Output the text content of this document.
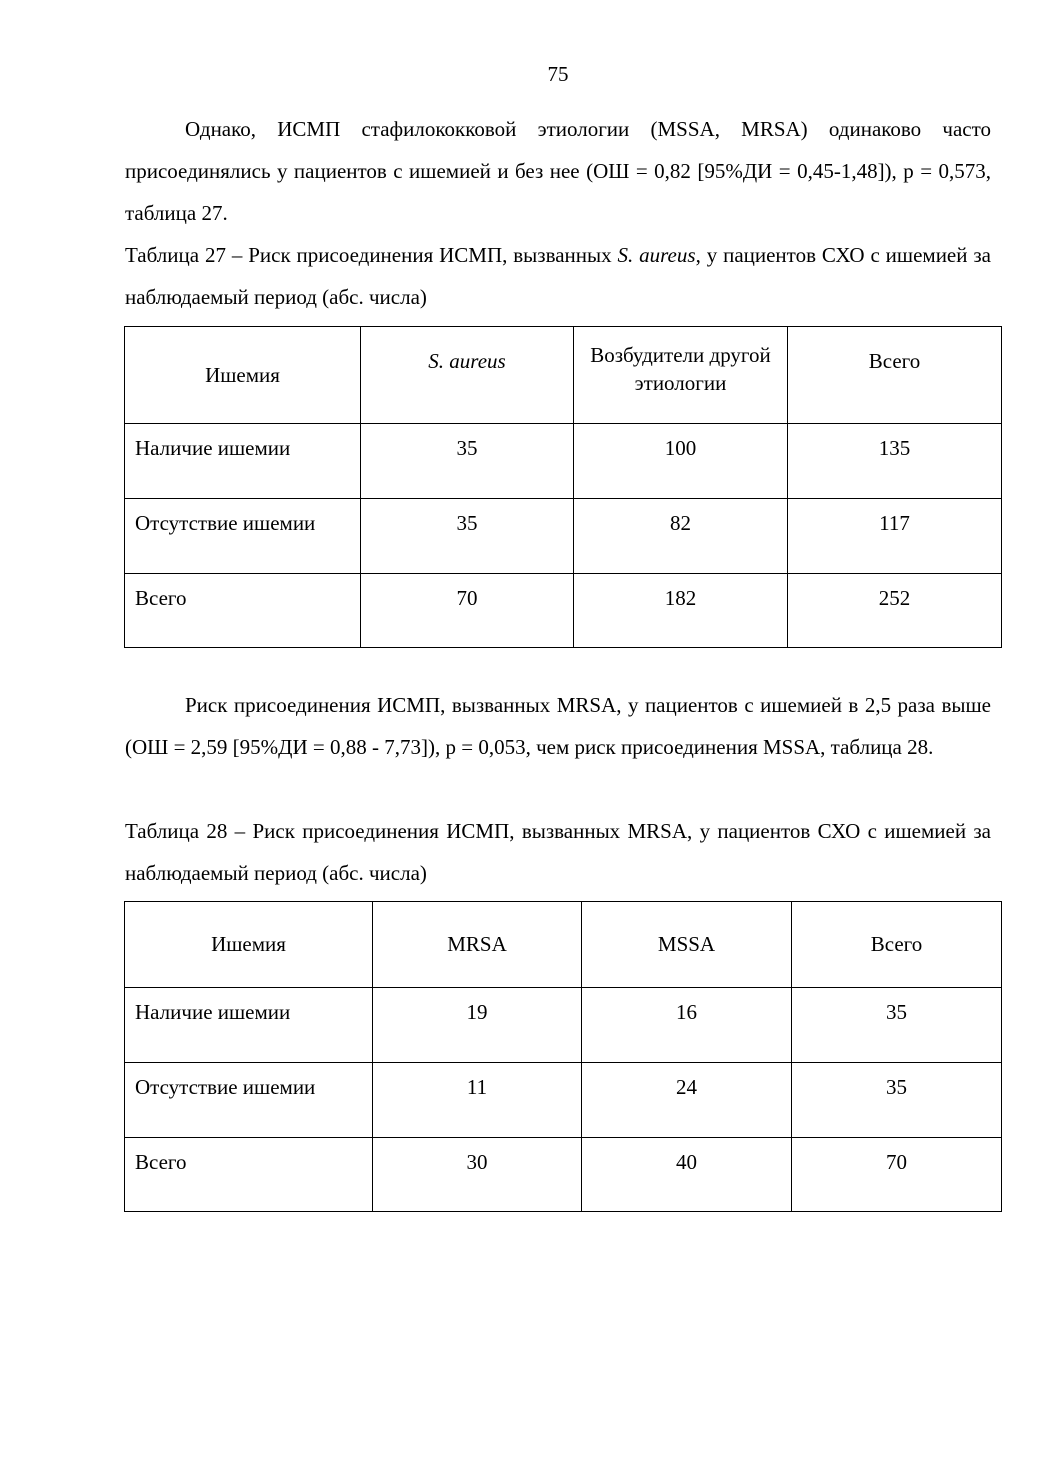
75

Однако, ИСМП стафилококковой этиологии (MSSA, MRSA) одинаково часто присоединялись у пациентов с ишемией и без нее (ОШ = 0,82 [95%ДИ = 0,45-1,48]), p = 0,573, таблица 27.

Таблица 27 – Риск присоединения ИСМП, вызванных S. aureus, у пациентов СХО с ишемией за наблюдаемый период (абс. числа)

Ишемия	S. aureus	Возбудители другой этиологии	Всего
Наличие ишемии	35	100	135
Отсутствие ишемии	35	82	117
Всего	70	182	252

Риск присоединения ИСМП, вызванных MRSA, у пациентов с ишемией в 2,5 раза выше (ОШ = 2,59 [95%ДИ = 0,88 - 7,73]), p = 0,053, чем риск присоединения MSSA, таблица 28.

Таблица 28 – Риск присоединения ИСМП, вызванных MRSA, у пациентов СХО с ишемией за наблюдаемый период (абс. числа)

Ишемия	MRSA	MSSA	Всего
Наличие ишемии	19	16	35
Отсутствие ишемии	11	24	35
Всего	30	40	70
